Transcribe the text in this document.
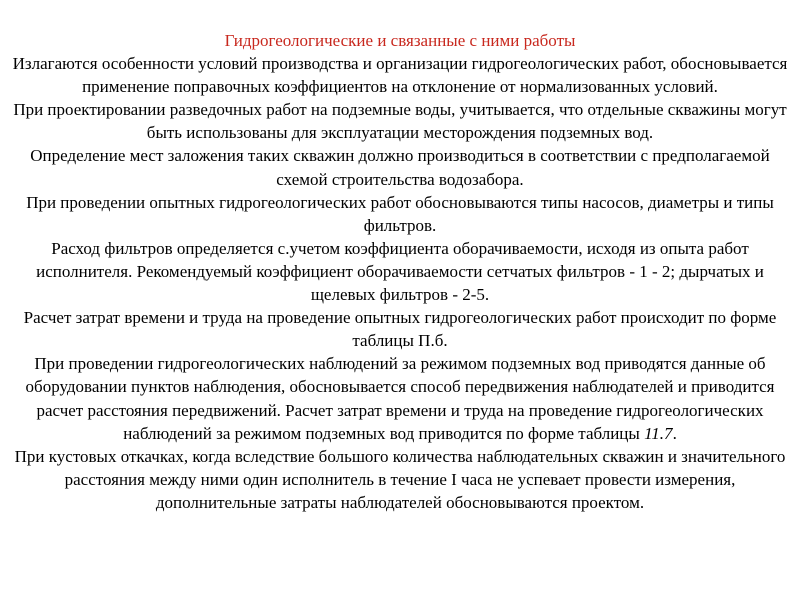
Гидрогеологические и связанные с ними работы

Излагаются особенности условий производства и организации гидрогеологических работ, обосновывается применение поправочных коэффициентов на отклонение от нормализованных условий.

При проектировании разведочных работ на подземные воды, учитывается, что отдельные скважины могут быть использованы для эксплуатации месторождения подземных вод.

Определение мест заложения таких скважин должно производиться в соответствии с предполагаемой схемой строительства водозабора.

При проведении опытных гидрогеологических работ обосновываются типы насосов, диаметры и типы фильтров.

Расход фильтров определяется с.учетом коэффициента оборачиваемости, исходя из опыта работ исполнителя. Рекомендуемый коэффициент оборачиваемости сетчатых фильтров - 1 - 2; дырчатых и щелевых фильтров - 2-5.

Расчет затрат времени и труда на проведение опытных гидрогеологических работ происходит по форме таблицы П.б.

При проведении гидрогеологических наблюдений за режимом подземных вод приводятся данные об оборудовании пунктов наблюдения, обосновывается способ передвижения наблюдателей и приводится расчет расстояния передвижений. Расчет затрат времени и труда на проведение гидрогеологических наблюдений за режимом подземных вод приводится по форме таблицы 11.7.

При кустовых откачках, когда вследствие большого количества наблюдательных скважин и значительного расстояния между ними один исполнитель в течение I часа не успевает провести измерения, дополнительные затраты наблюдателей обосновываются проектом.
